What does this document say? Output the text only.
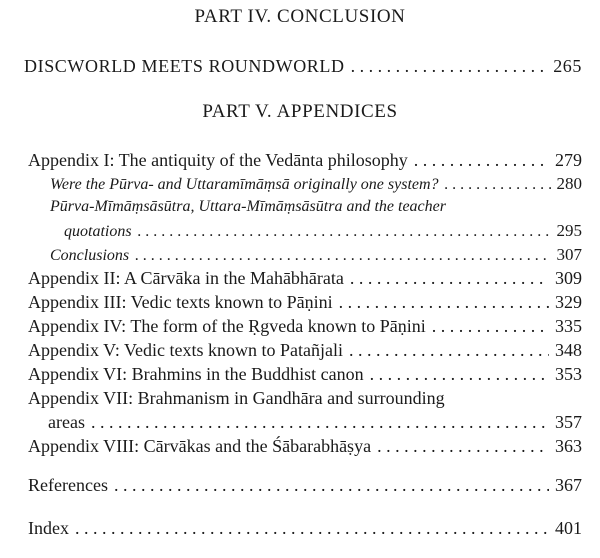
PART IV. CONCLUSION
DISCWORLD MEETS ROUNDWORLD . . .	265
PART V. APPENDICES
Appendix I: The antiquity of the Vedānta philosophy . . .	279
Were the Pūrva- and Uttaramīmāṃsā originally one system? . . .	280
Pūrva-Mīmāṃsāsūtra, Uttara-Mīmāṃsāsūtra and the teacher
quotations . . .	295
Conclusions . . .	307
Appendix II: A Cārvāka in the Mahābhārata . . .	309
Appendix III: Vedic texts known to Pāṇini . . .	329
Appendix IV: The form of the Ṛgveda known to Pāṇini . . .	335
Appendix V: Vedic texts known to Patañjali . . .	348
Appendix VI: Brahmins in the Buddhist canon . . .	353
Appendix VII: Brahmanism in Gandhāra and surrounding
areas . . .	357
Appendix VIII: Cārvākas and the Śābarabhāṣya . . .	363
References . . .	367
Index . . .	401
